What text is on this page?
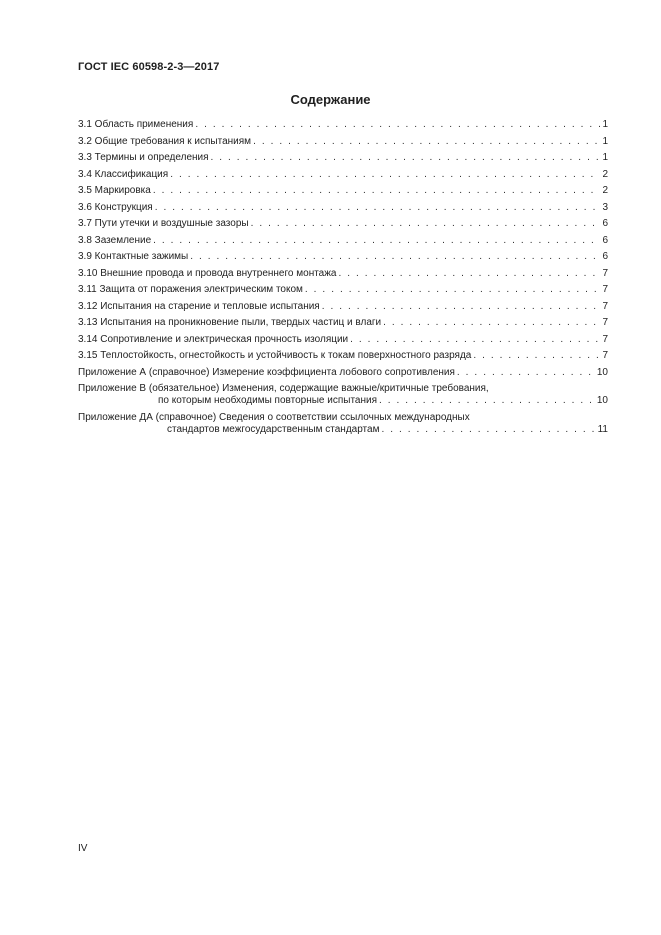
ГОСТ IEC 60598-2-3—2017
Содержание
3.1 Область применения . . .	1
3.2 Общие требования к испытаниям . . .	1
3.3 Термины и определения . . .	1
3.4 Классификация . . .	2
3.5 Маркировка . . .	2
3.6 Конструкция . . .	3
3.7 Пути утечки и воздушные зазоры . . .	6
3.8 Заземление . . .	6
3.9 Контактные зажимы . . .	6
3.10 Внешние провода и провода внутреннего монтажа . . .	7
3.11 Защита от поражения электрическим током . . .	7
3.12 Испытания на старение и тепловые испытания . . .	7
3.13 Испытания на проникновение пыли, твердых частиц и влаги . . .	7
3.14 Сопротивление и электрическая прочность изоляции . . .	7
3.15 Теплостойкость, огнестойкость и устойчивость к токам поверхностного разряда . . .	7
Приложение А (справочное) Измерение коэффициента лобового сопротивления . . .	10
Приложение В (обязательное) Изменения, содержащие важные/критичные требования,
по которым необходимы повторные испытания . . .	10
Приложение ДА (справочное) Сведения о соответствии ссылочных международных
стандартов межгосударственным стандартам . . .	11
IV
